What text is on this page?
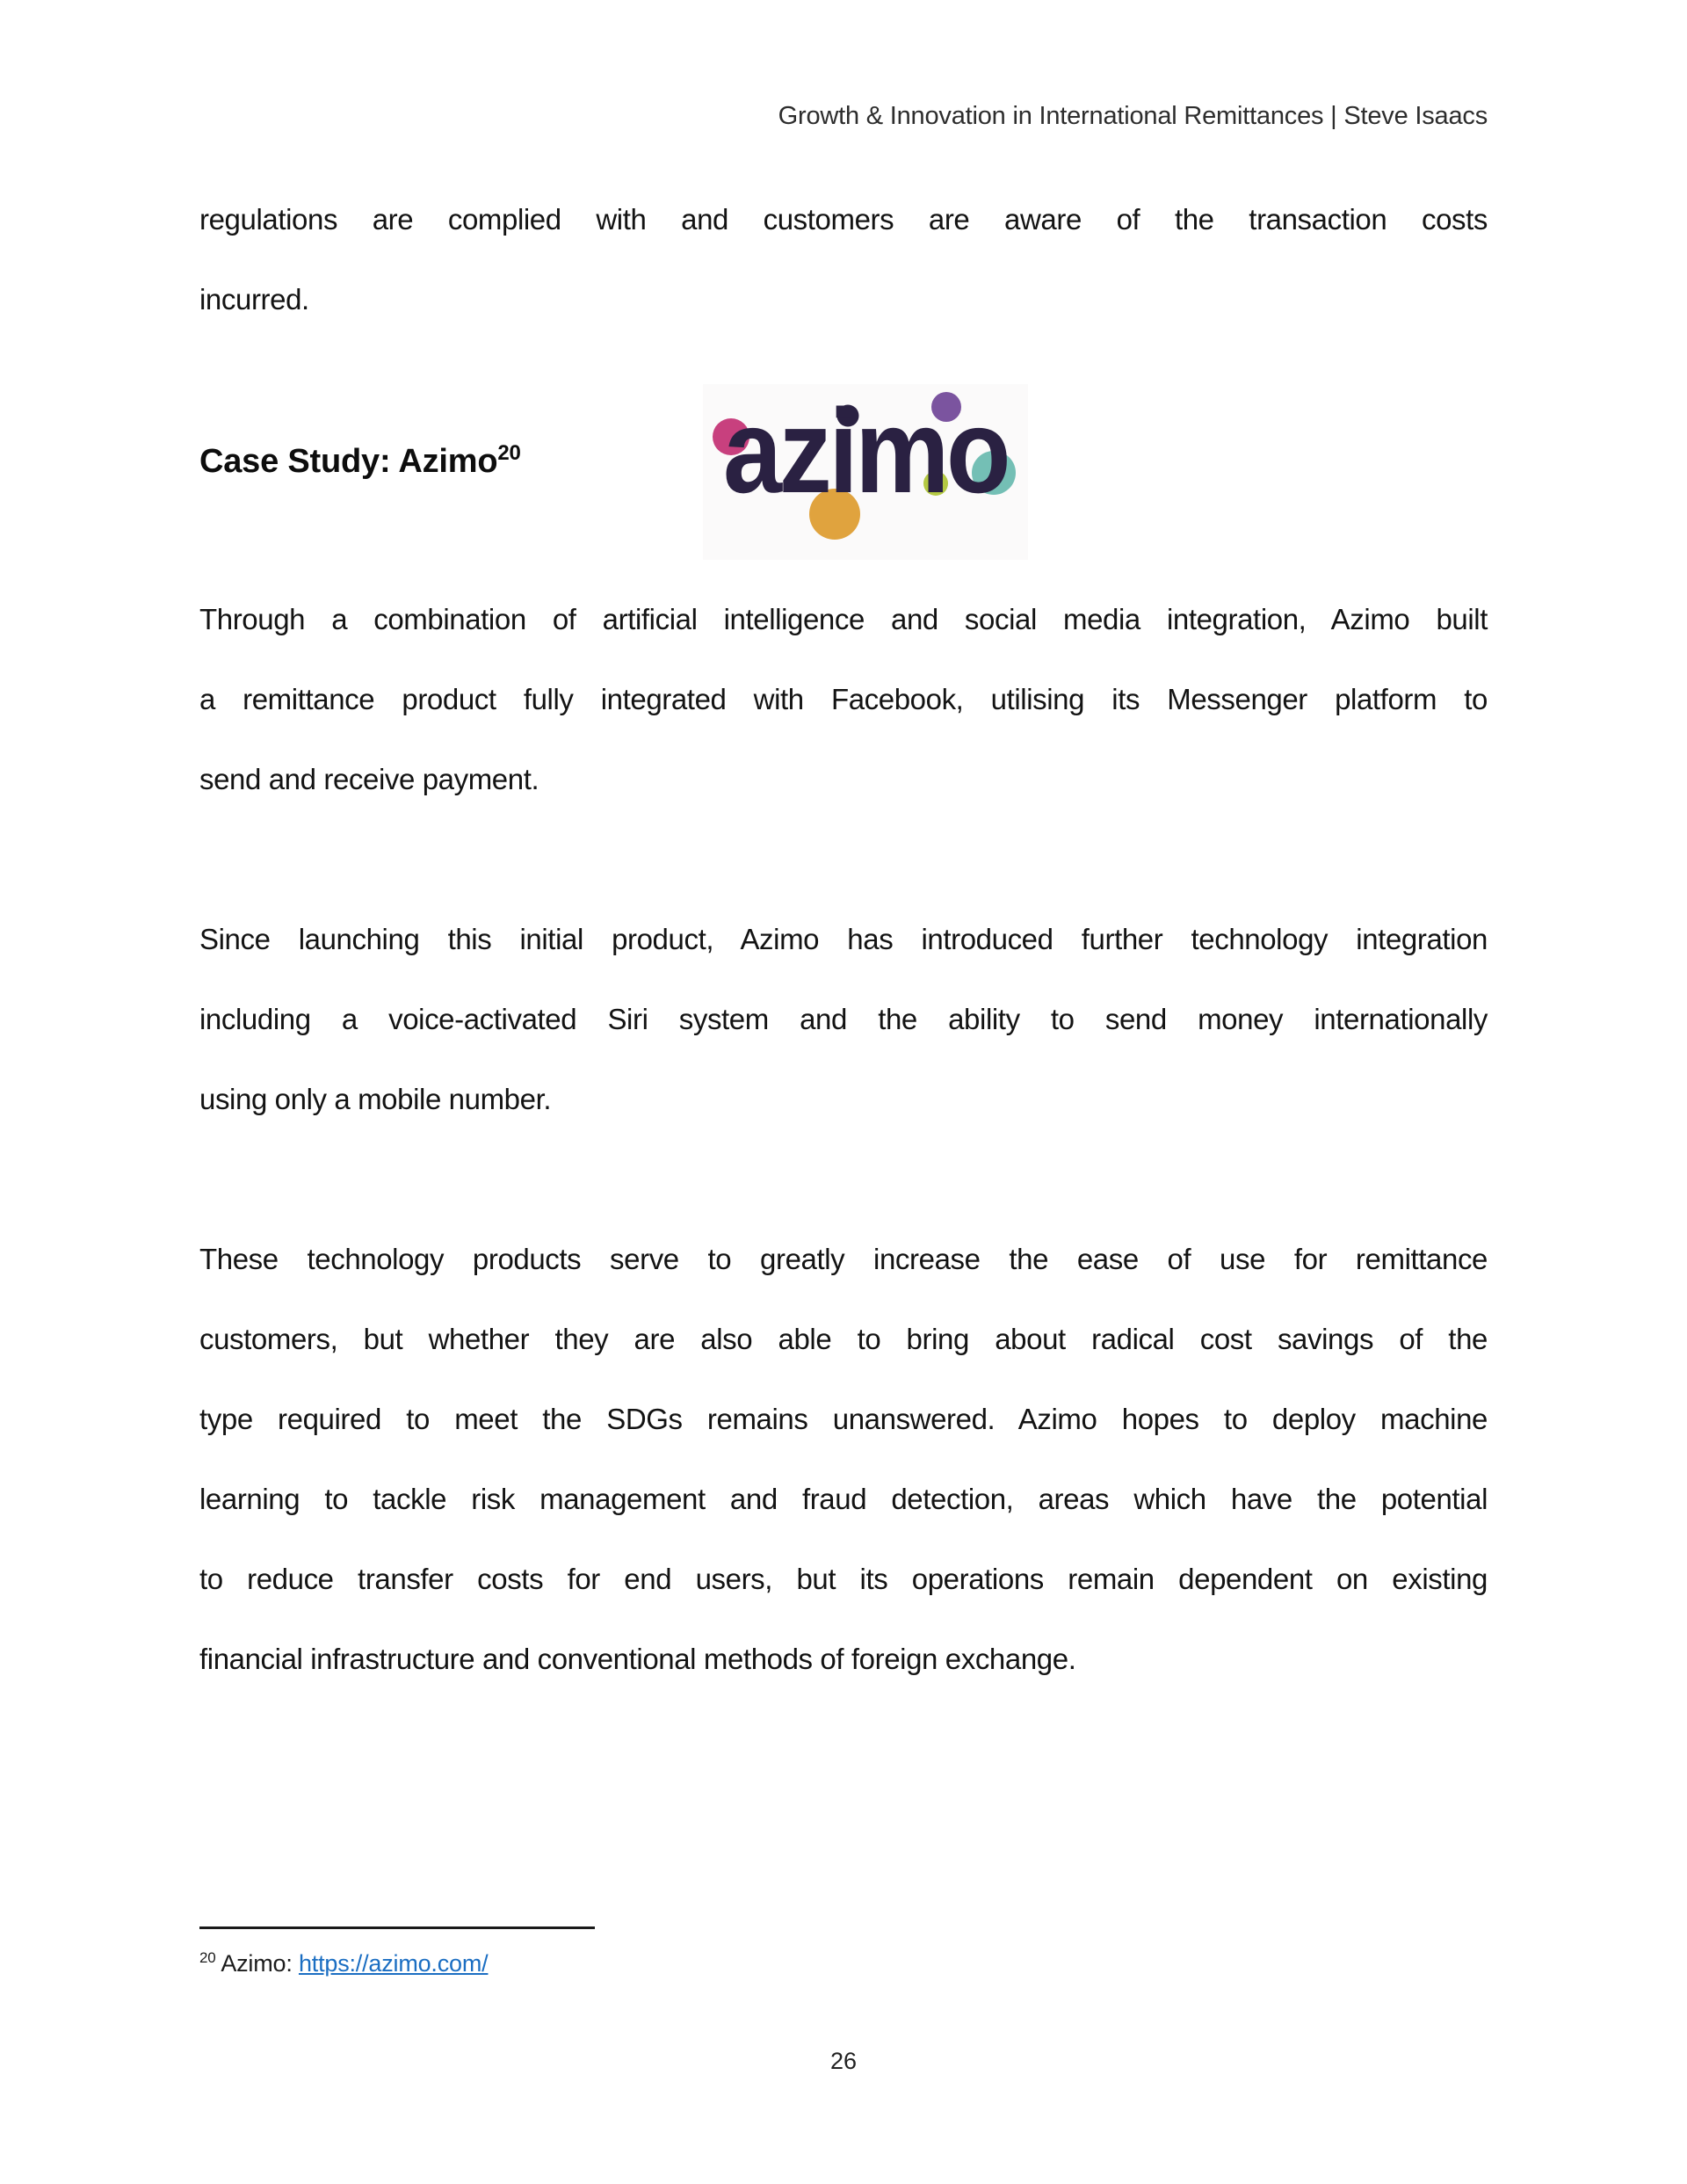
Growth & Innovation in International Remittances | Steve Isaacs
regulations are complied with and customers are aware of the transaction costs
incurred.
Case Study: Azimo$^{20}$ azimo
Through a combination of artificial intelligence and social media integration, Azimo built
a remittance product fully integrated with Facebook, utilising its Messenger platform to
send and receive payment.
Since launching this initial product, Azimo has introduced further technology integration
including a voice-activated Siri system and the ability to send money internationally
using only a mobile number.
These technology products serve to greatly increase the ease of use for remittance
customers, but whether they are also able to bring about radical cost savings of the
type required to meet the SDGs remains unanswered. Azimo hopes to deploy machine
learning to tackle risk management and fraud detection, areas which have the potential
to reduce transfer costs for end users, but its operations remain dependent on existing
financial infrastructure and conventional methods of foreign exchange.
$^{20}$ Azimo: https://azimo.com/
26
